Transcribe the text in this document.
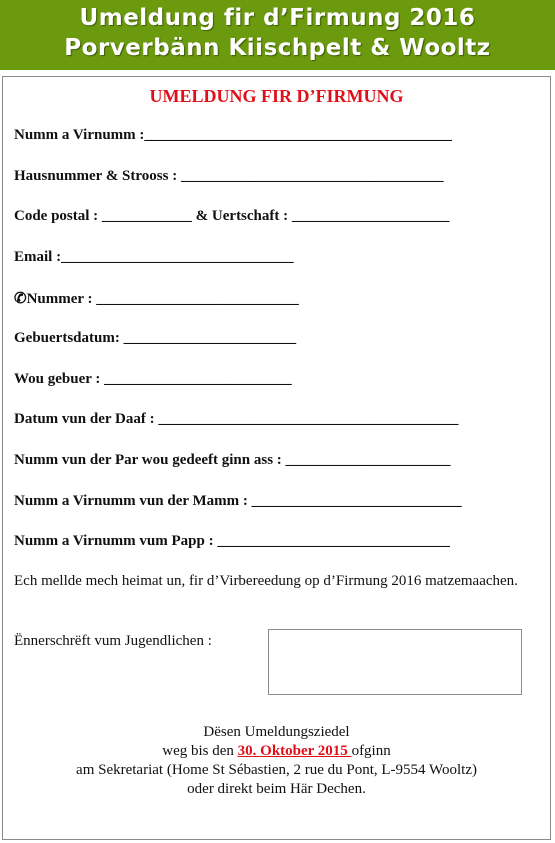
Umeldung fir d’Firmung 2016
Porverbänn Kiischpelt & Wooltz
UMELDUNG FIR D’FIRMUNG
Numm a Virnumm :_________________________________________
Hausnummer & Strooss : ___________________________________
Code postal : ____________ & Uertschaft : _____________________
Email :_______________________________
✆Nummer : ___________________________
Gebuertsdatum: _______________________
Wou gebuer : _________________________
Datum vun der Daaf : ________________________________________
Numm vun der Par wou gedeeft ginn ass : ______________________
Numm a Virnumm vun der Mamm : ____________________________
Numm a Virnumm vum Papp : _______________________________
Ech mellde mech heimat un, fir d’Virbereedung op d’Firmung 2016 matzemaachen.
Ënnerschrëft vum Jugendlichen :
Dësen Umeldungsziedel
weg bis den 30. Oktober 2015 ofginn
am Sekretariat (Home St Sébastien, 2 rue du Pont, L-9554 Wooltz)
oder direkt beim Här Dechen.
